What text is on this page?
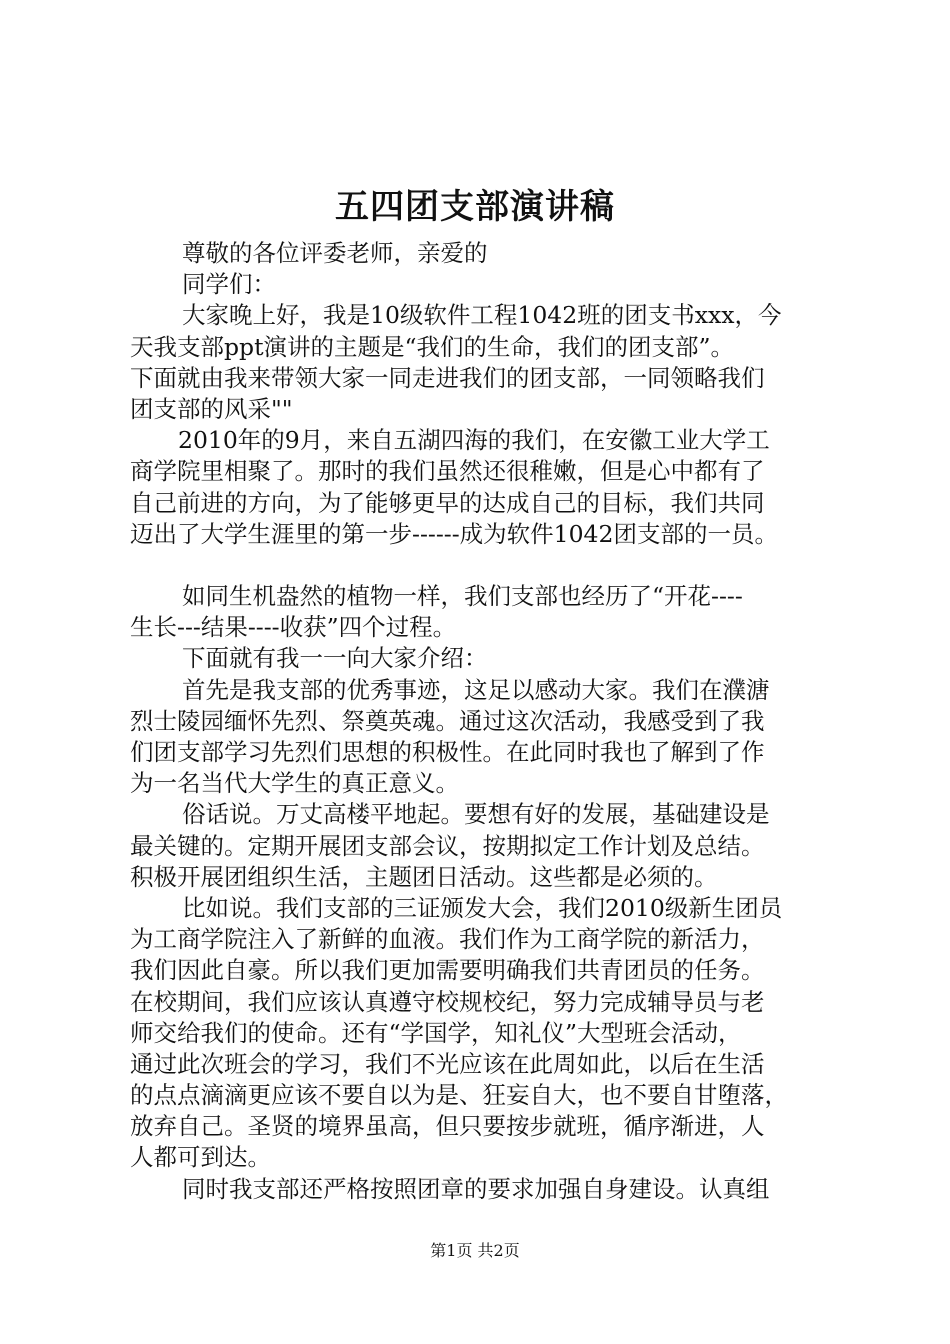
五四团支部演讲稿
尊敬的各位评委老师，亲爱的
同学们：
大家晚上好，我是10级软件工程1042班的团支书xxx，今
天我支部ppt演讲的主题是“我们的生命，我们的团支部”。
下面就由我来带领大家一同走进我们的团支部，一同领略我们
团支部的风采""
2010年的9月，来自五湖四海的我们，在安徽工业大学工
商学院里相聚了。那时的我们虽然还很稚嫩，但是心中都有了
自己前进的方向，为了能够更早的达成自己的目标，我们共同
迈出了大学生涯里的第一步------成为软件1042团支部的一员。
如同生机盎然的植物一样，我们支部也经历了“开花----
生长---结果----收获”四个过程。
下面就有我一一向大家介绍：
首先是我支部的优秀事迹，这足以感动大家。我们在濮溏
烈士陵园缅怀先烈、祭奠英魂。通过这次活动，我感受到了我
们团支部学习先烈们思想的积极性。在此同时我也了解到了作
为一名当代大学生的真正意义。
俗话说。万丈高楼平地起。要想有好的发展，基础建设是
最关键的。定期开展团支部会议，按期拟定工作计划及总结。
积极开展团组织生活，主题团日活动。这些都是必须的。
比如说。我们支部的三证颁发大会，我们2010级新生团员
为工商学院注入了新鲜的血液。我们作为工商学院的新活力，
我们因此自豪。所以我们更加需要明确我们共青团员的任务。
在校期间，我们应该认真遵守校规校纪，努力完成辅导员与老
师交给我们的使命。还有“学国学，知礼仪”大型班会活动，
通过此次班会的学习，我们不光应该在此周如此，以后在生活
的点点滴滴更应该不要自以为是、狂妄自大，也不要自甘堕落，
放弃自己。圣贤的境界虽高，但只要按步就班，循序渐进，人
人都可到达。
同时我支部还严格按照团章的要求加强自身建设。认真组
第1页 共2页
